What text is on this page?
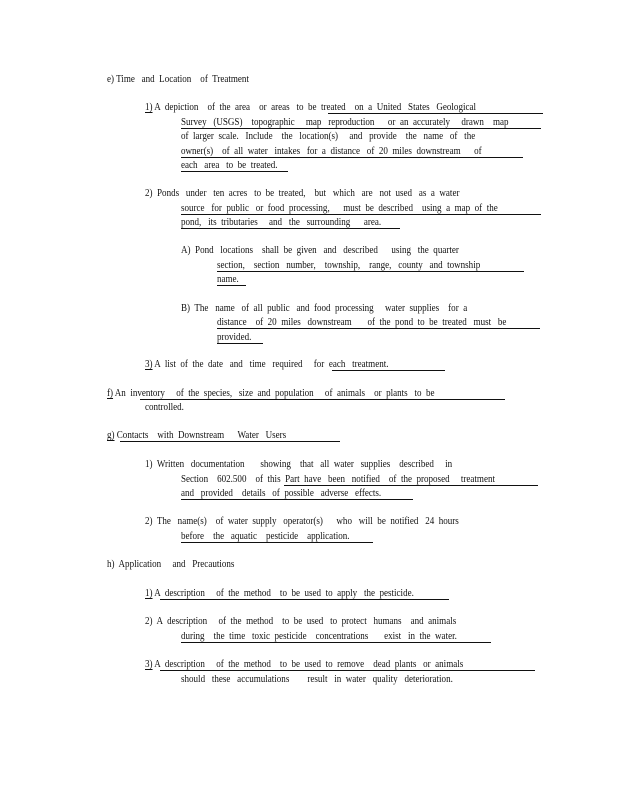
e) Time   and  Location    of  Treatment
1) A  depiction    of  the  area    or  areas   to  be  treated    on  a  United   States   Geological
Survey   (USGS)    topographic     map   reproduction      or  an  accurately     drawn    map
of  larger  scale.   Include    the   location(s)     and   provide    the   name   of   the
owner(s)    of  all  water   intakes   for  a  distance   of  20  miles  downstream      of
each   area   to  be  treated.
2)  Ponds   under   ten  acres   to  be  treated,    but   which   are   not  used   as  a  water
source   for  public   or  food  processing,      must  be  described    using  a  map  of  the
pond,   its  tributaries     and   the   surrounding      area.
A)  Pond   locations    shall  be  given   and   described      using   the  quarter
section,    section   number,    township,    range,   county   and  township
name.
B)  The   name   of  all  public   and  food  processing     water  supplies    for  a
distance    of  20  miles   downstream       of  the  pond  to  be  treated   must   be
provided.
3) A  list  of  the  date   and   time   required     for  each   treatment.
f) An  inventory     of  the  species,   size  and  population     of  animals    or  plants   to  be
controlled.
g) Contacts    with  Downstream      Water   Users
1)  Written   documentation       showing    that   all  water   supplies    described     in
Section    602.500    of  this  Part  have   been   notified    of  the  proposed     treatment
and   provided    details   of  possible   adverse   effects.
2)  The   name(s)    of  water  supply   operator(s)      who   will  be  notified   24  hours
before    the   aquatic    pesticide    application.
h)  Application     and   Precautions
1) A  description     of  the  method    to  be  used  to  apply   the  pesticide.
2)  A  description     of  the  method    to  be  used   to  protect   humans    and  animals
during    the  time   toxic  pesticide    concentrations       exist   in  the  water.
3) A  description     of  the  method    to  be  used  to  remove    dead  plants   or  animals
should   these   accumulations        result   in  water   quality   deterioration.
